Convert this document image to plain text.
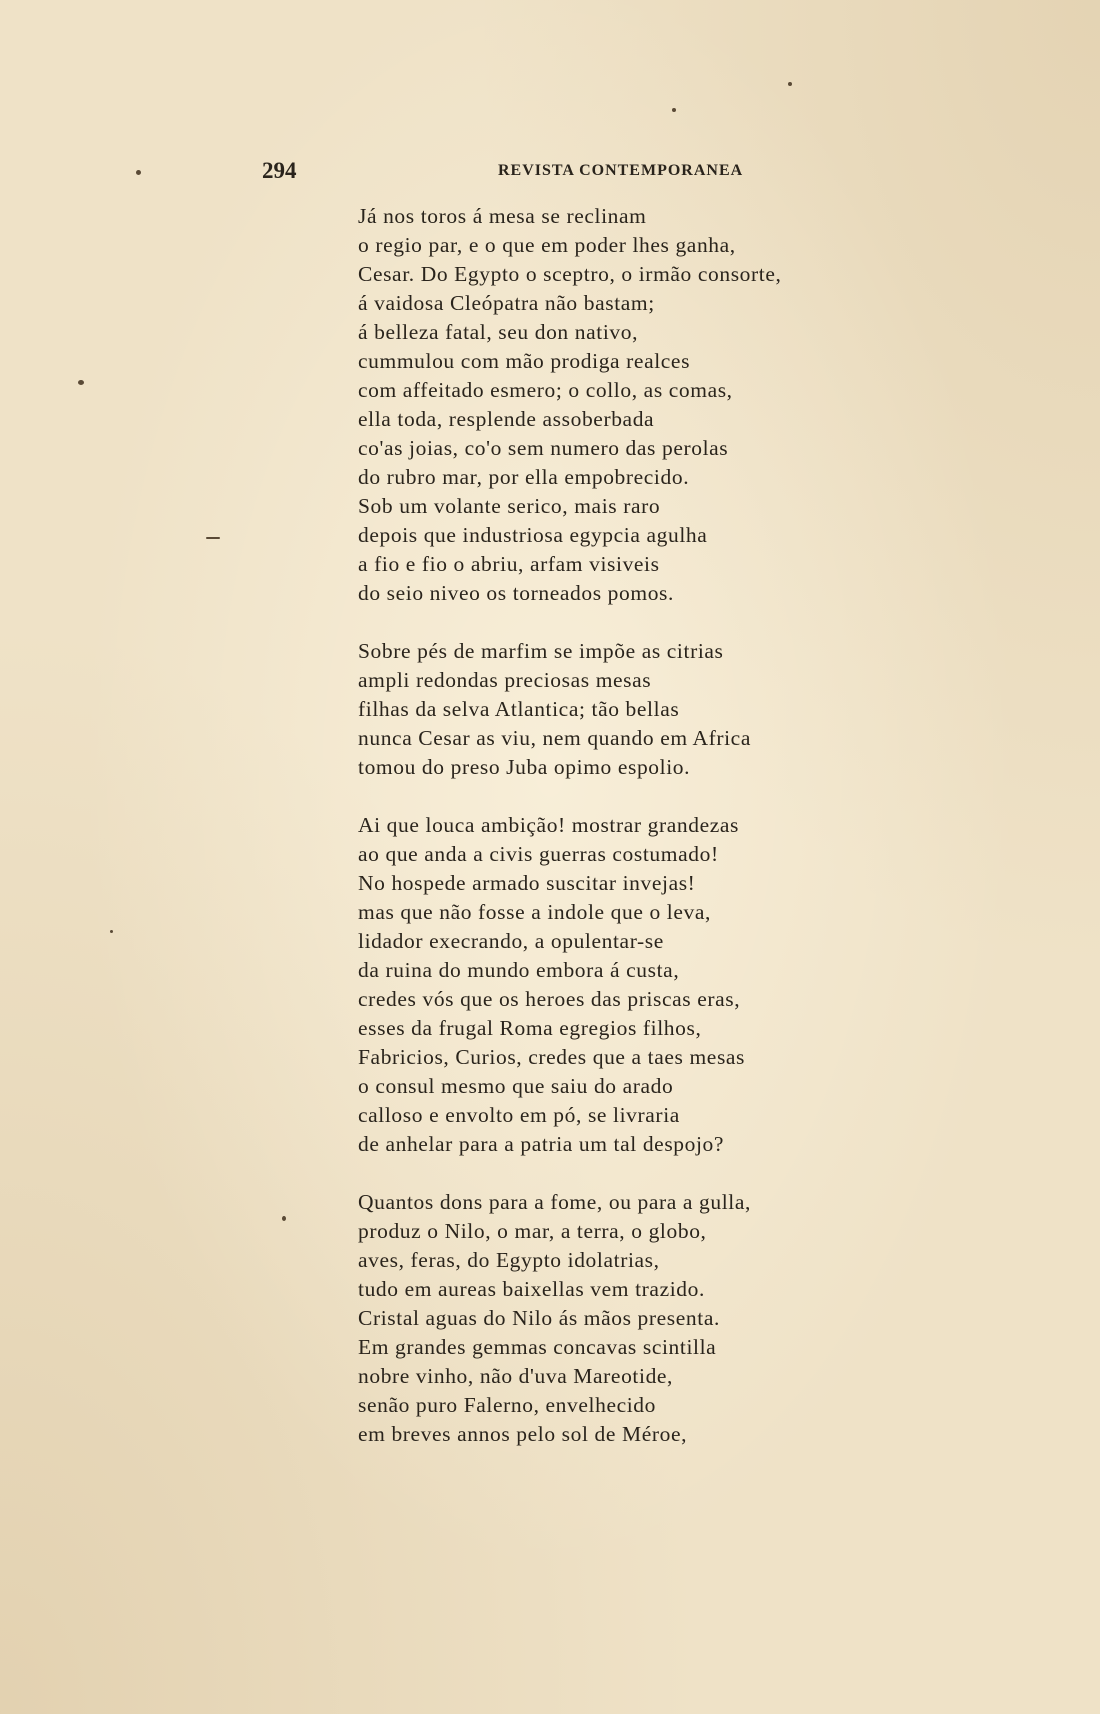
294	REVISTA CONTEMPORANEA
Já nos toros á mesa se reclinam
o regio par, e o que em poder lhes ganha,
Cesar. Do Egypto o sceptro, o irmão consorte,
á vaidosa Cleópatra não bastam;
á belleza fatal, seu don nativo,
cummulou com mão prodiga realces
com affeitado esmero; o collo, as comas,
ella toda, resplende assoberbada
co'as joias, co'o sem numero das perolas
do rubro mar, por ella empobrecido.
Sob um volante serico, mais raro
depois que industriosa egypcia agulha
a fio e fio o abriu, arfam visiveis
do seio niveo os torneados pomos.
Sobre pés de marfim se impõe as citrias
ampli redondas preciosas mesas
filhas da selva Atlantica; tão bellas
nunca Cesar as viu, nem quando em Africa
tomou do preso Juba opimo espolio.
Ai que louca ambição! mostrar grandezas
ao que anda a civis guerras costumado!
No hospede armado suscitar invejas!
mas que não fosse a indole que o leva,
lidador execrando, a opulentar-se
da ruina do mundo embora á custa,
credes vós que os heroes das priscas eras,
esses da frugal Roma egregios filhos,
Fabricios, Curios, credes que a taes mesas
o consul mesmo que saiu do arado
calloso e envolto em pó, se livraria
de anhelar para a patria um tal despojo?
Quantos dons para a fome, ou para a gulla,
produz o Nilo, o mar, a terra, o globo,
aves, feras, do Egypto idolatrias,
tudo em aureas baixellas vem trazido.
Cristal aguas do Nilo ás mãos presenta.
Em grandes gemmas concavas scintilla
nobre vinho, não d'uva Mareotide,
senão puro Falerno, envelhecido
em breves annos pelo sol de Méroe,
